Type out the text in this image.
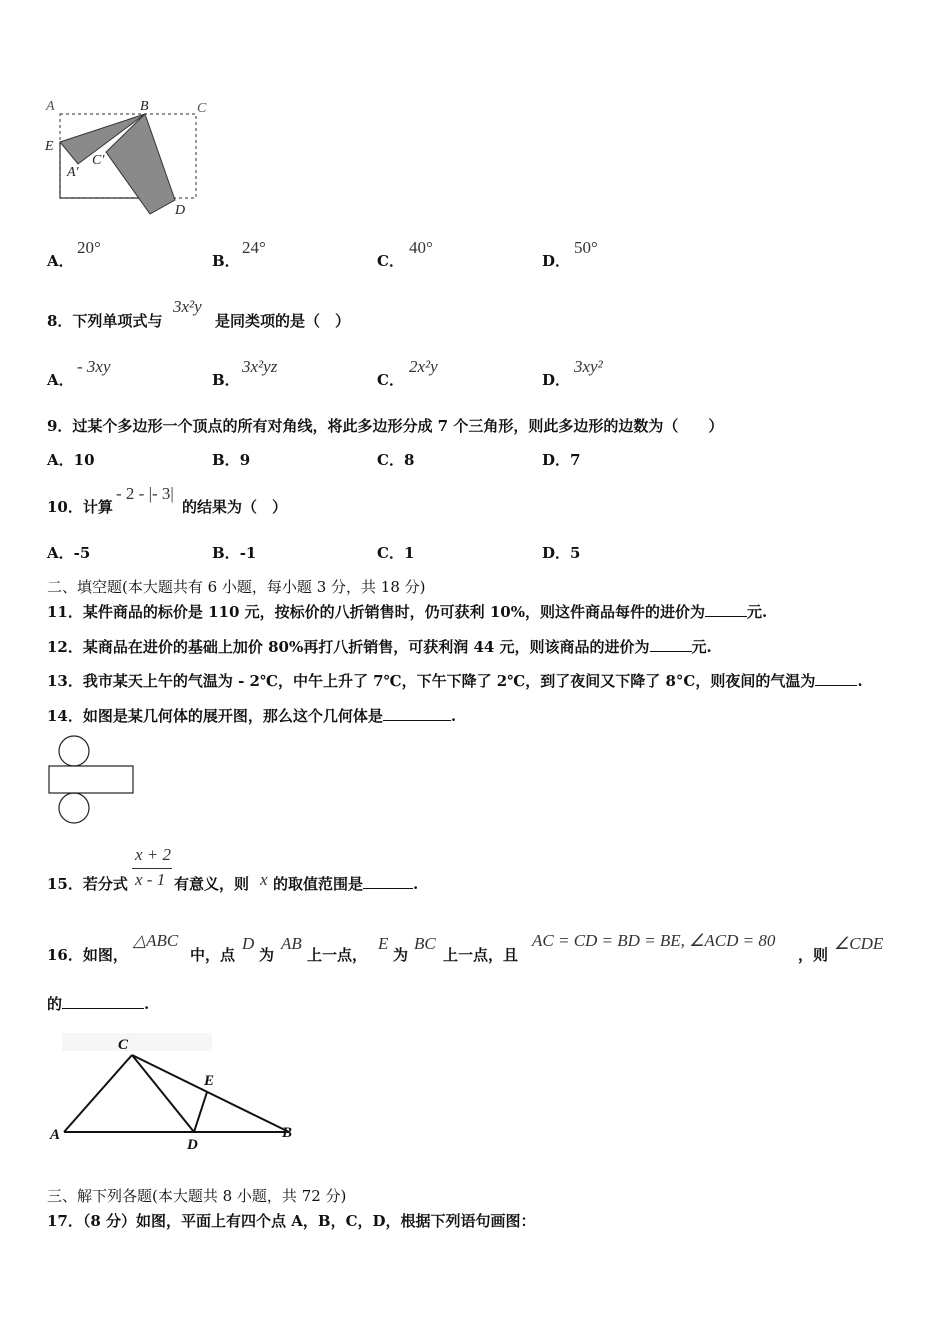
A	B	C
E
A′
C′
D
A．
20°
B．
24°
C．
40°
D．
50°
8．下列单项式与
3x²y
是同类项的是（　）
A．
- 3xy
B．
3x²yz
C．
2x²y
D．
3xy²
9．过某个多边形一个顶点的所有对角线，将此多边形分成 7 个三角形，则此多边形的边数为（　　）
A．10	B．9	C．8	D．7
10．计算
- 2 - |- 3|
的结果为（　）
A．-5	B．-1	C．1	D．5
二、填空题(本大题共有 6 小题，每小题 3 分，共 18 分)
11．某件商品的标价是 110 元，按标价的八折销售时，仍可获利 10%，则这件商品每件的进价为	元.
12．某商品在进价的基础上加价 80%再打八折销售，可获利润 44 元，则该商品的进价为	元.
13．我市某天上午的气温为 - 2℃，中午上升了 7℃，下午下降了 2℃，到了夜间又下降了 8°C，则夜间的气温为	.
14．如图是某几何体的展开图，那么这个几何体是	.
15．若分式
x + 2
x - 1 有意义，则 x 的取值范围是	.
16．如图，
△ABC
中，点
D
为
AB
上一点，
E
为
BC
上一点，且
AC = CD = BD = BE, ∠ACD = 80
，则
∠CDE
的	.
A	B
C
D
E
三、解下列各题(本大题共 8 小题，共 72 分)
17．（8 分）如图，平面上有四个点 A，B，C，D，根据下列语句画图：
